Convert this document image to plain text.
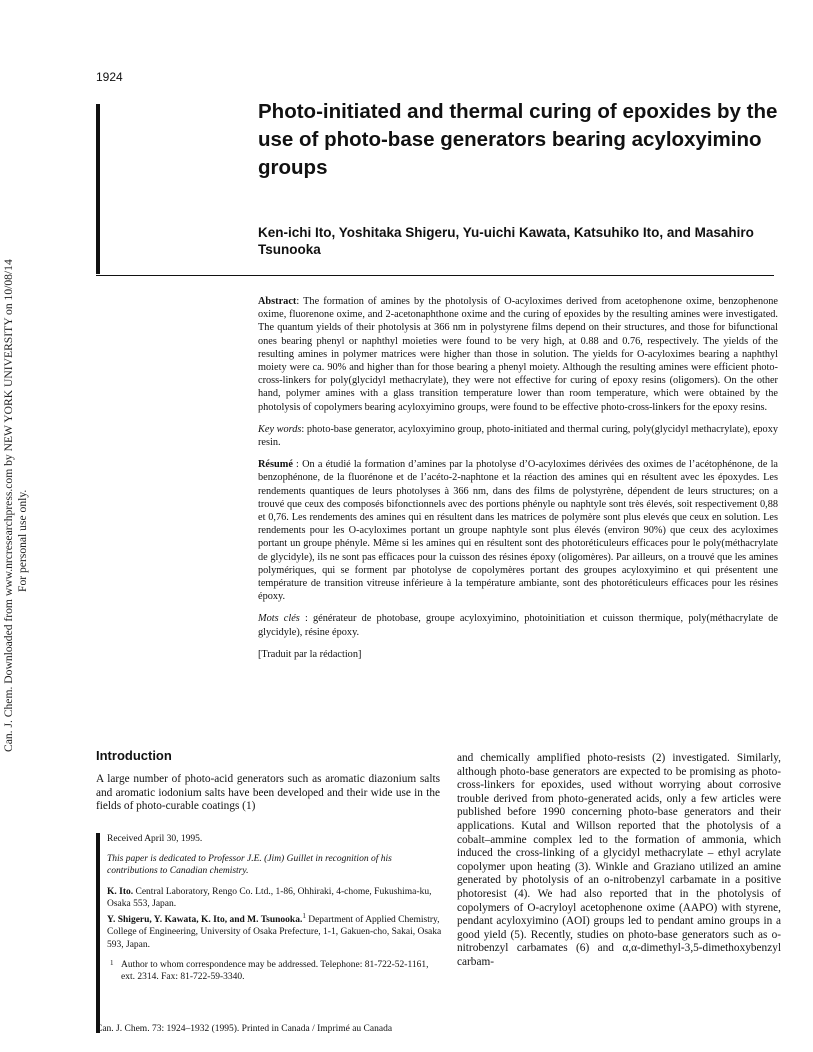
1924
Photo-initiated and thermal curing of epoxides by the use of photo-base generators bearing acyloxyimino groups
Ken-ichi Ito, Yoshitaka Shigeru, Yu-uichi Kawata, Katsuhiko Ito, and Masahiro Tsunooka
Can. J. Chem. Downloaded from www.nrcresearchpress.com by NEW YORK UNIVERSITY on 10/08/14 For personal use only.

Abstract: The formation of amines by the photolysis of O-acyloximes derived from acetophenone oxime, benzophenone oxime, fluorenone oxime, and 2-acetonaphthone oxime and the curing of epoxides by the resulting amines were investigated. The quantum yields of their photolysis at 366 nm in polystyrene films depend on their structures, and those for bifunctional ones bearing phenyl or naphthyl moieties were found to be very high, at 0.88 and 0.76, respectively. The yields of the resulting amines in polymer matrices were higher than those in solution. The yields for O-acyloximes bearing a naphthyl moiety were ca. 90% and higher than for those bearing a phenyl moiety. Although the resulting amines were efficient photo-cross-linkers for poly(glycidyl methacrylate), they were not effective for curing of epoxy resins (oligomers). On the other hand, polymer amines with a glass transition temperature lower than room temperature, which were obtained by the photolysis of copolymers bearing acyloxyimino groups, were found to be effective photo-cross-linkers for the epoxy resins.

Key words: photo-base generator, acyloxyimino group, photo-initiated and thermal curing, poly(glycidyl methacrylate), epoxy resin.

Résumé : On a étudié la formation d’amines par la photolyse d’O-acyloximes dérivées des oximes de l’acétophénone, de la benzophénone, de la fluorénone et de l’acéto-2-naphtone et la réaction des amines qui en résultent avec les époxydes. Les rendements quantiques de leurs photolyses à 366 nm, dans des films de polystyrène, dépendent de leurs structures; on a trouvé que ceux des composés bifonctionnels avec des portions phényle ou naphtyle sont très élevés, soit respectivement 0,88 et 0,76. Les rendements des amines qui en résultent dans les matrices de polymère sont plus elevés que ceux en solution. Les rendements pour les O-acyloximes portant un groupe naphtyle sont plus élevés (environ 90%) que ceux des acyloximes portant un groupe phényle. Même si les amines qui en résultent sont des photoréticuleurs efficaces pour le poly(méthacrylate de glycidyle), ils ne sont pas efficaces pour la cuisson des résines époxy (oligomères). Par ailleurs, on a trouvé que les amines polymériques, qui se forment par photolyse de copolymères portant des groupes acyloxyimino et qui présentent une température de transition vitreuse inférieure à la température ambiante, sont des photoréticuleurs efficaces pour les résines époxy.

Mots clés : générateur de photobase, groupe acyloxyimino, photoinitiation et cuisson thermique, poly(méthacrylate de glycidyle), résine époxy.

[Traduit par la rédaction]

Introduction
A large number of photo-acid generators such as aromatic diazonium salts and aromatic iodonium salts have been developed and their wide use in the fields of photo-curable coatings (1)
and chemically amplified photo-resists (2) investigated. Similarly, although photo-base generators are expected to be promising as photo-cross-linkers for epoxides, used without worrying about corrosive trouble derived from photo-generated acids, only a few articles were published before 1990 concerning photo-base generators and their applications. Kutal and Willson reported that the photolysis of a cobalt–ammine complex led to the formation of ammonia, which induced the cross-linking of a glycidyl methacrylate – ethyl acrylate copolymer upon heating (3). Winkle and Graziano utilized an amine generated by photolysis of an o-nitrobenzyl carbamate in a positive photoresist (4). We had also reported that in the photolysis of copolymers of O-acryloyl acetophenone oxime (AAPO) with styrene, pendant acyloxyimino (AOI) groups led to pendant amino groups in a good yield (5). Recently, studies on photo-base generators such as o-nitrobenzyl carbamates (6) and α,α-dimethyl-3,5-dimethoxybenzyl carbam-

Received April 30, 1995.

This paper is dedicated to Professor J.E. (Jim) Guillet in recognition of his contributions to Canadian chemistry.

K. Ito. Central Laboratory, Rengo Co. Ltd., 1-86, Ohhiraki, 4-chome, Fukushima-ku, Osaka 553, Japan.

Y. Shigeru, Y. Kawata, K. Ito, and M. Tsunooka.$^1$ Department of Applied Chemistry, College of Engineering, University of Osaka Prefecture, 1-1, Gakuen-cho, Sakai, Osaka 593, Japan.

1 Author to whom correspondence may be addressed. Telephone: 81-722-52-1161, ext. 2314. Fax: 81-722-59-3340.

Can. J. Chem. 73: 1924–1932 (1995). Printed in Canada / Imprimé au Canada
